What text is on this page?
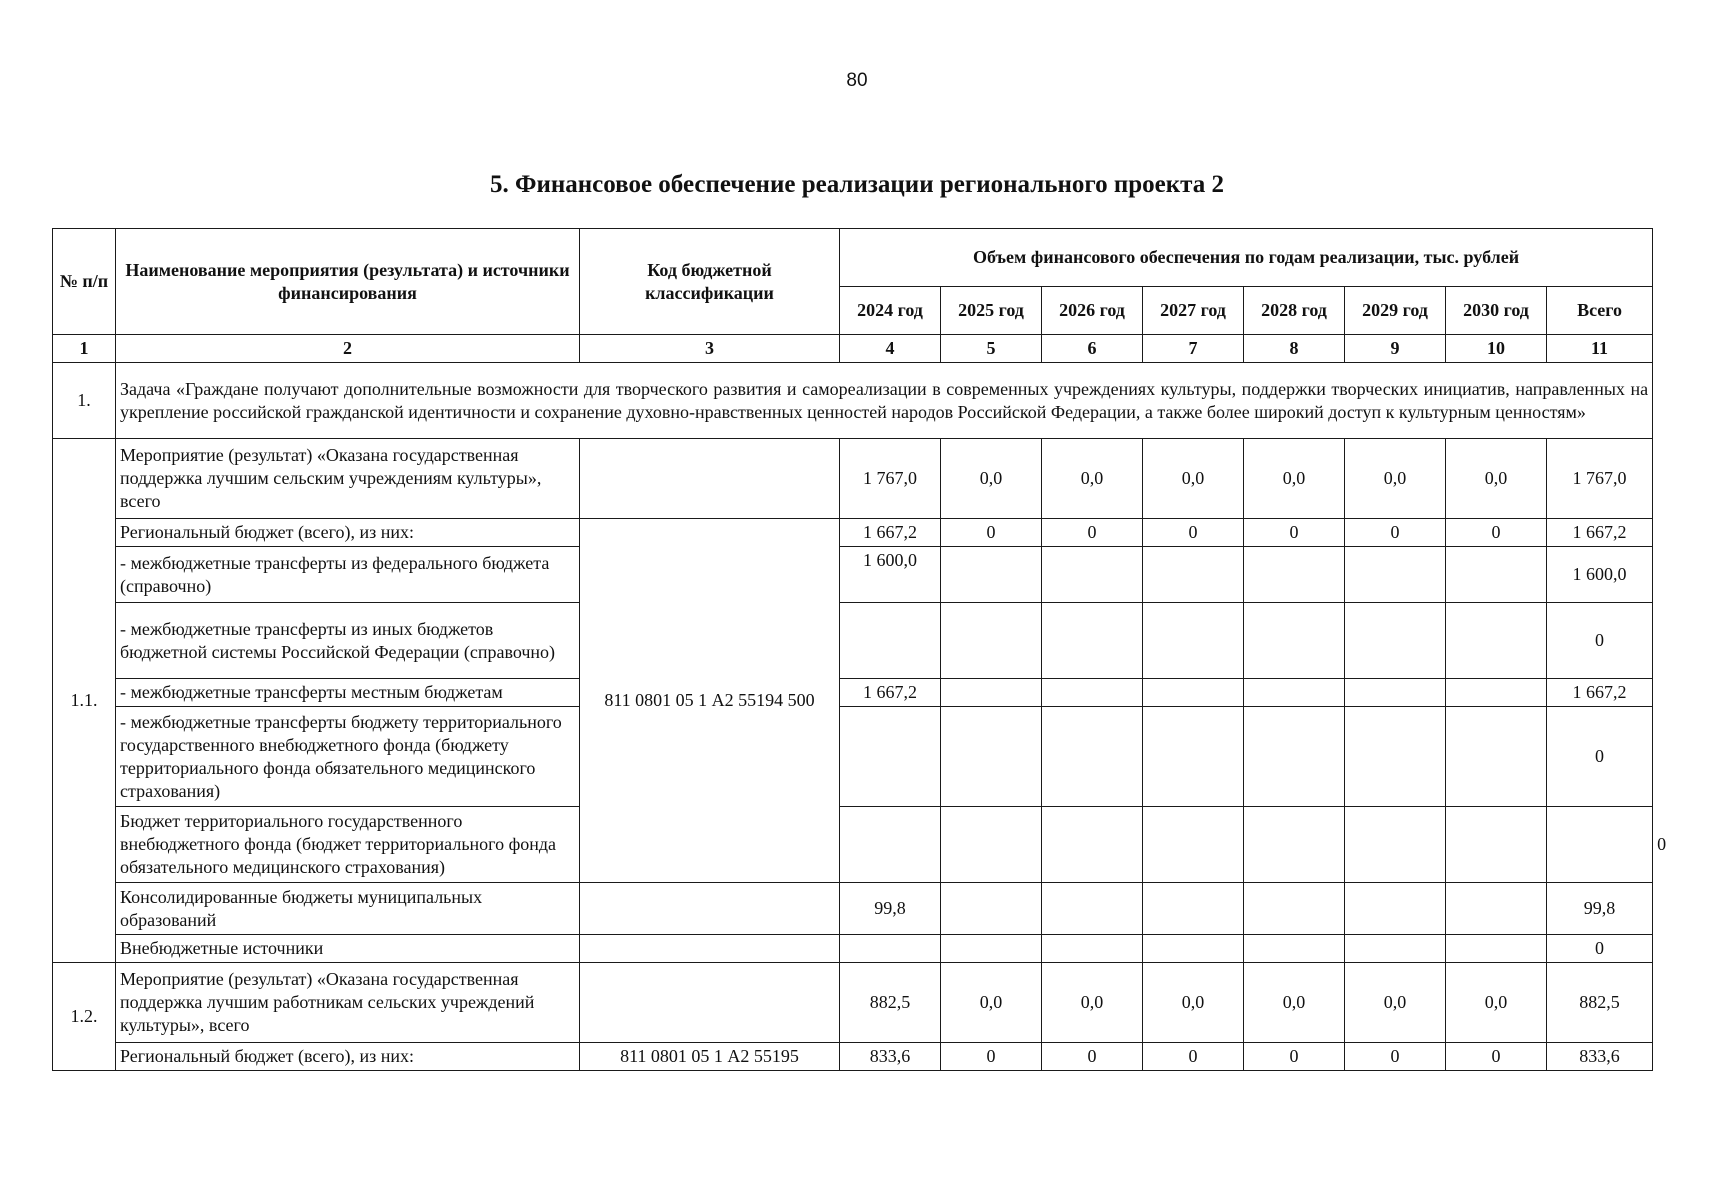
80
5. Финансовое обеспечение реализации регионального проекта 2
№ п/п	Наименование мероприятия (результата) и источники финансирования	Код бюджетной классификации	Объем финансового обеспечения по годам реализации, тыс. рублей								
			2024 год	2025 год	2026 год	2027 год	2028 год	2029 год	2030 год	Всего	
1	2	3	4	5	6	7	8	9	10	11	
1.	Задача «Граждане получают дополнительные возможности для творческого развития и самореализации в современных учреждениях культуры, поддержки творческих инициатив, направленных на укрепление российской гражданской идентичности и сохранение духовно-нравственных ценностей народов Российской Федерации, а также более широкий доступ к культурным ценностям»										
1.1.	Мероприятие (результат) «Оказана государственная поддержка лучшим сельским учреждениям культуры», всего		1 767,0	0,0	0,0	0,0	0,0	0,0	0,0	1 767,0	
	Региональный бюджет (всего), из них:	811 0801 05 1 А2 55194 500	1 667,2	0	0	0	0	0	0	1 667,2	
	- межбюджетные трансферты из федерального бюджета (справочно)		1 600,0							1 600,0	
	- межбюджетные трансферты из иных бюджетов бюджетной системы Российской Федерации (справочно)									0	
	- межбюджетные трансферты местным бюджетам		1 667,2							1 667,2	
	- межбюджетные трансферты бюджету территориального государственного внебюджетного фонда (бюджету территориального фонда обязательного медицинского страхования)									0	
	Бюджет территориального государственного внебюджетного фонда (бюджет территориального фонда обязательного медицинского страхования)										0
	Консолидированные бюджеты муниципальных образований		99,8							99,8	
	Внебюджетные источники									0	
1.2.	Мероприятие (результат) «Оказана государственная поддержка лучшим работникам сельских учреждений культуры», всего		882,5	0,0	0,0	0,0	0,0	0,0	0,0	882,5	
	Региональный бюджет (всего), из них:	811 0801 05 1 А2 55195	833,6	0	0	0	0	0	0	833,6	
